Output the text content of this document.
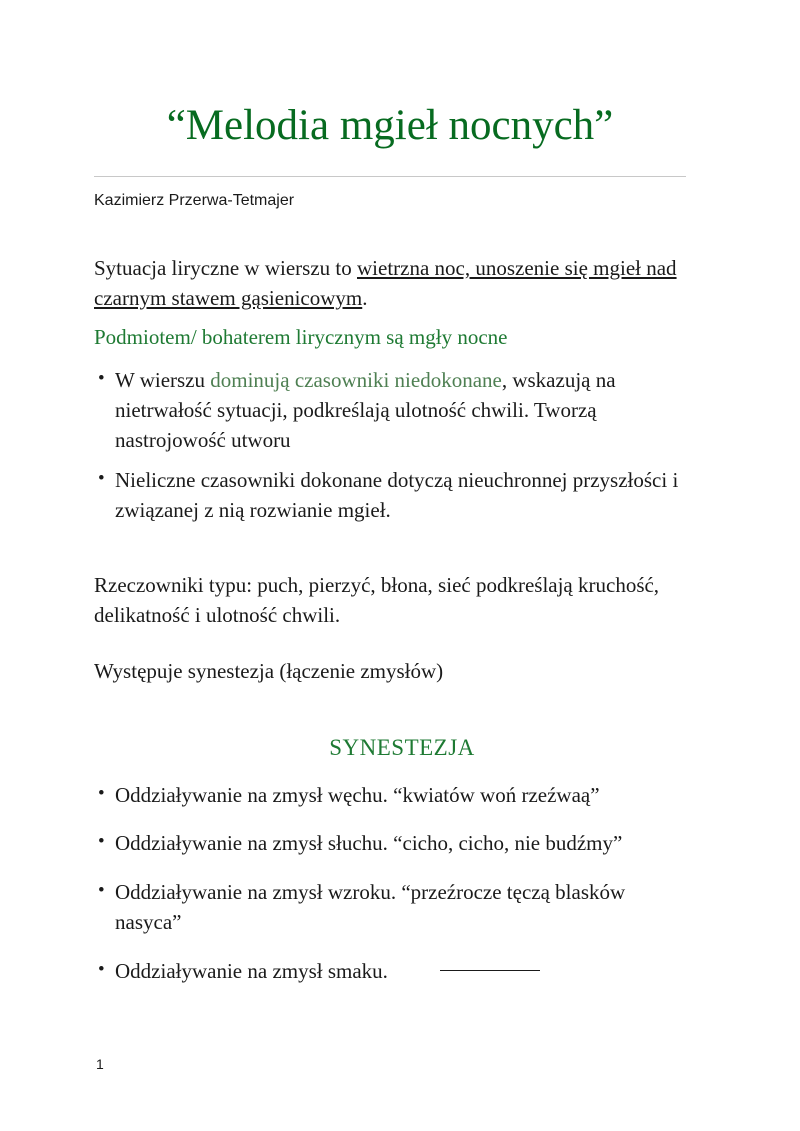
“Melodia mgieł nocnych”
Kazimierz Przerwa-Tetmajer

Sytuacja liryczne w wierszu to wietrzna noc, unoszenie się mgieł nad czarnym stawem gąsienicowym.

Podmiotem/ bohaterem lirycznym są mgły nocne

• W wierszu dominują czasowniki niedokonane, wskazują na nietrwałość sytuacji, podkreślają ulotność chwili. Tworzą nastrojowość utworu
• Nieliczne czasowniki dokonane dotyczą nieuchronnej przyszłości i związanej z nią rozwianie mgieł.

Rzeczowniki typu: puch, pierzyć, błona, sieć podkreślają kruchość, delikatność i ulotność chwili.

Występuje synestezja (łączenie zmysłów)

SYNESTEZJA
• Oddziaływanie na zmysł węchu. “kwiatów woń rzeźwaą”
• Oddziaływanie na zmysł słuchu. “cicho, cicho, nie budźmy”
• Oddziaływanie na zmysł wzroku. “przeźrocze tęczą blasków nasyca”
• Oddziaływanie na zmysł smaku.
1
